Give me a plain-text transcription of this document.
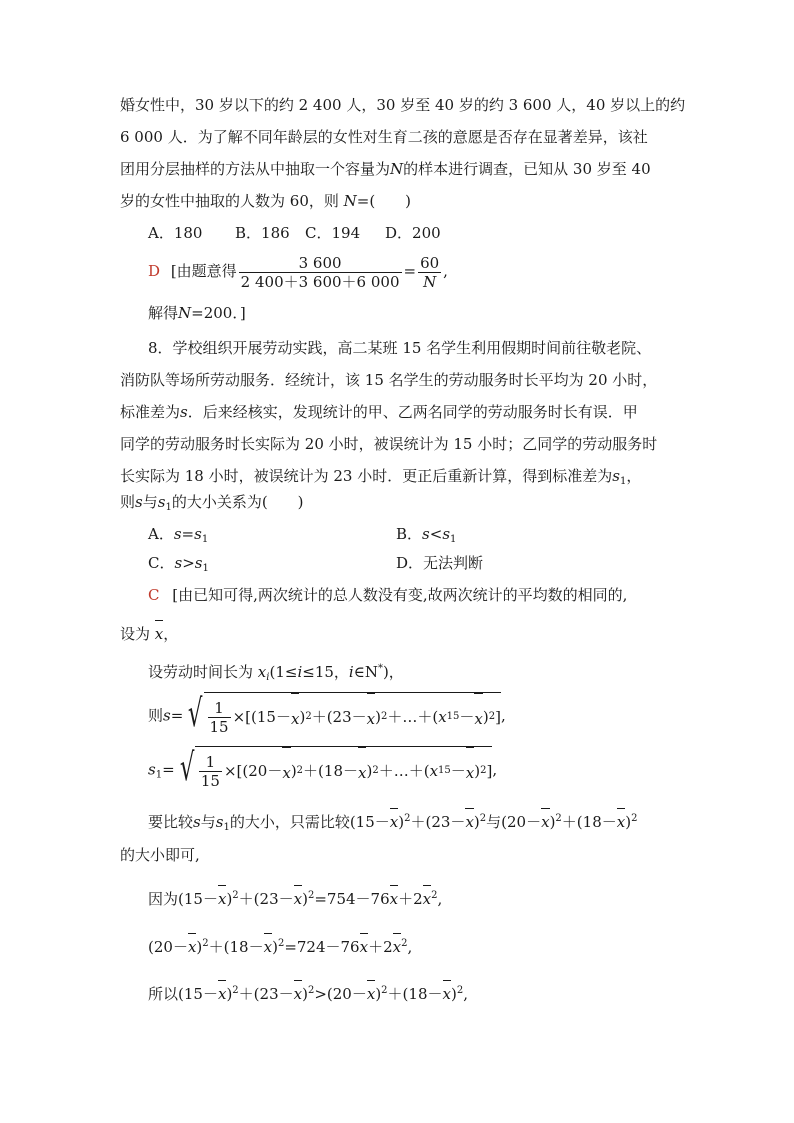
婚女性中，30 岁以下的约 2 400 人，30 岁至 40 岁的约 3 600 人，40 岁以上的约
6 000 人．为了解不同年龄层的女性对生育二孩的意愿是否存在显著差异，该社
团用分层抽样的方法从中抽取一个容量为N的样本进行调查，已知从 30 岁至 40
岁的女性中抽取的人数为 60，则 N=(　　)
A．180 B．186 C．194 D．200
D [由题意得 $\frac{3 600}{2 400+3 600+6 000} = \frac{60}{N}$ ,
解得N=200．]
8．学校组织开展劳动实践，高二某班 15 名学生利用假期时间前往敬老院、
消防队等场所劳动服务．经统计，该 15 名学生的劳动服务时长平均为 20 小时，
标准差为s．后来经核实，发现统计的甲、乙两名同学的劳动服务时长有误．甲
同学的劳动服务时长实际为 20 小时，被误统计为 15 小时；乙同学的劳动服务时
长实际为 18 小时，被误统计为 23 小时．更正后重新计算，得到标准差为$s_1$，
则s与$s_1$的大小关系为(　　)
A．$s=s_1$	B．$s<s_1$
C．$s>s_1$	D．无法判断
C [由已知可得,两次统计的总人数没有变,故两次统计的平均数的相同的,
设为 x，
设劳动时间长为 $x_i(1\le i\le 15$，i∈N*)，
则s= √ $\frac{1}{15} \times[(15- x$ ) 2 ＋(23－ x ) 2 ＋…＋( x 15 － x ) 2 ] ,
$s_1=$ √ $\frac{1}{15} \times[(20- x$ ) 2 ＋(18－ x ) 2 ＋…＋( x 15 － x ) 2 ] ,
要比较s与$s_1$的大小，只需比较$(15-x)^2+(23-x)^2$与$(20-x)^2+(18-x)^2$
的大小即可,
因为$(15-x)^2+(23-x)^2=754-76x+2x^2$,
$(20-x)^2+(18-x)^2=724-76x+2x^2$,
所以$(15-x)^2+(23-x)^2>(20-x)^2+(18-x)^2$,
